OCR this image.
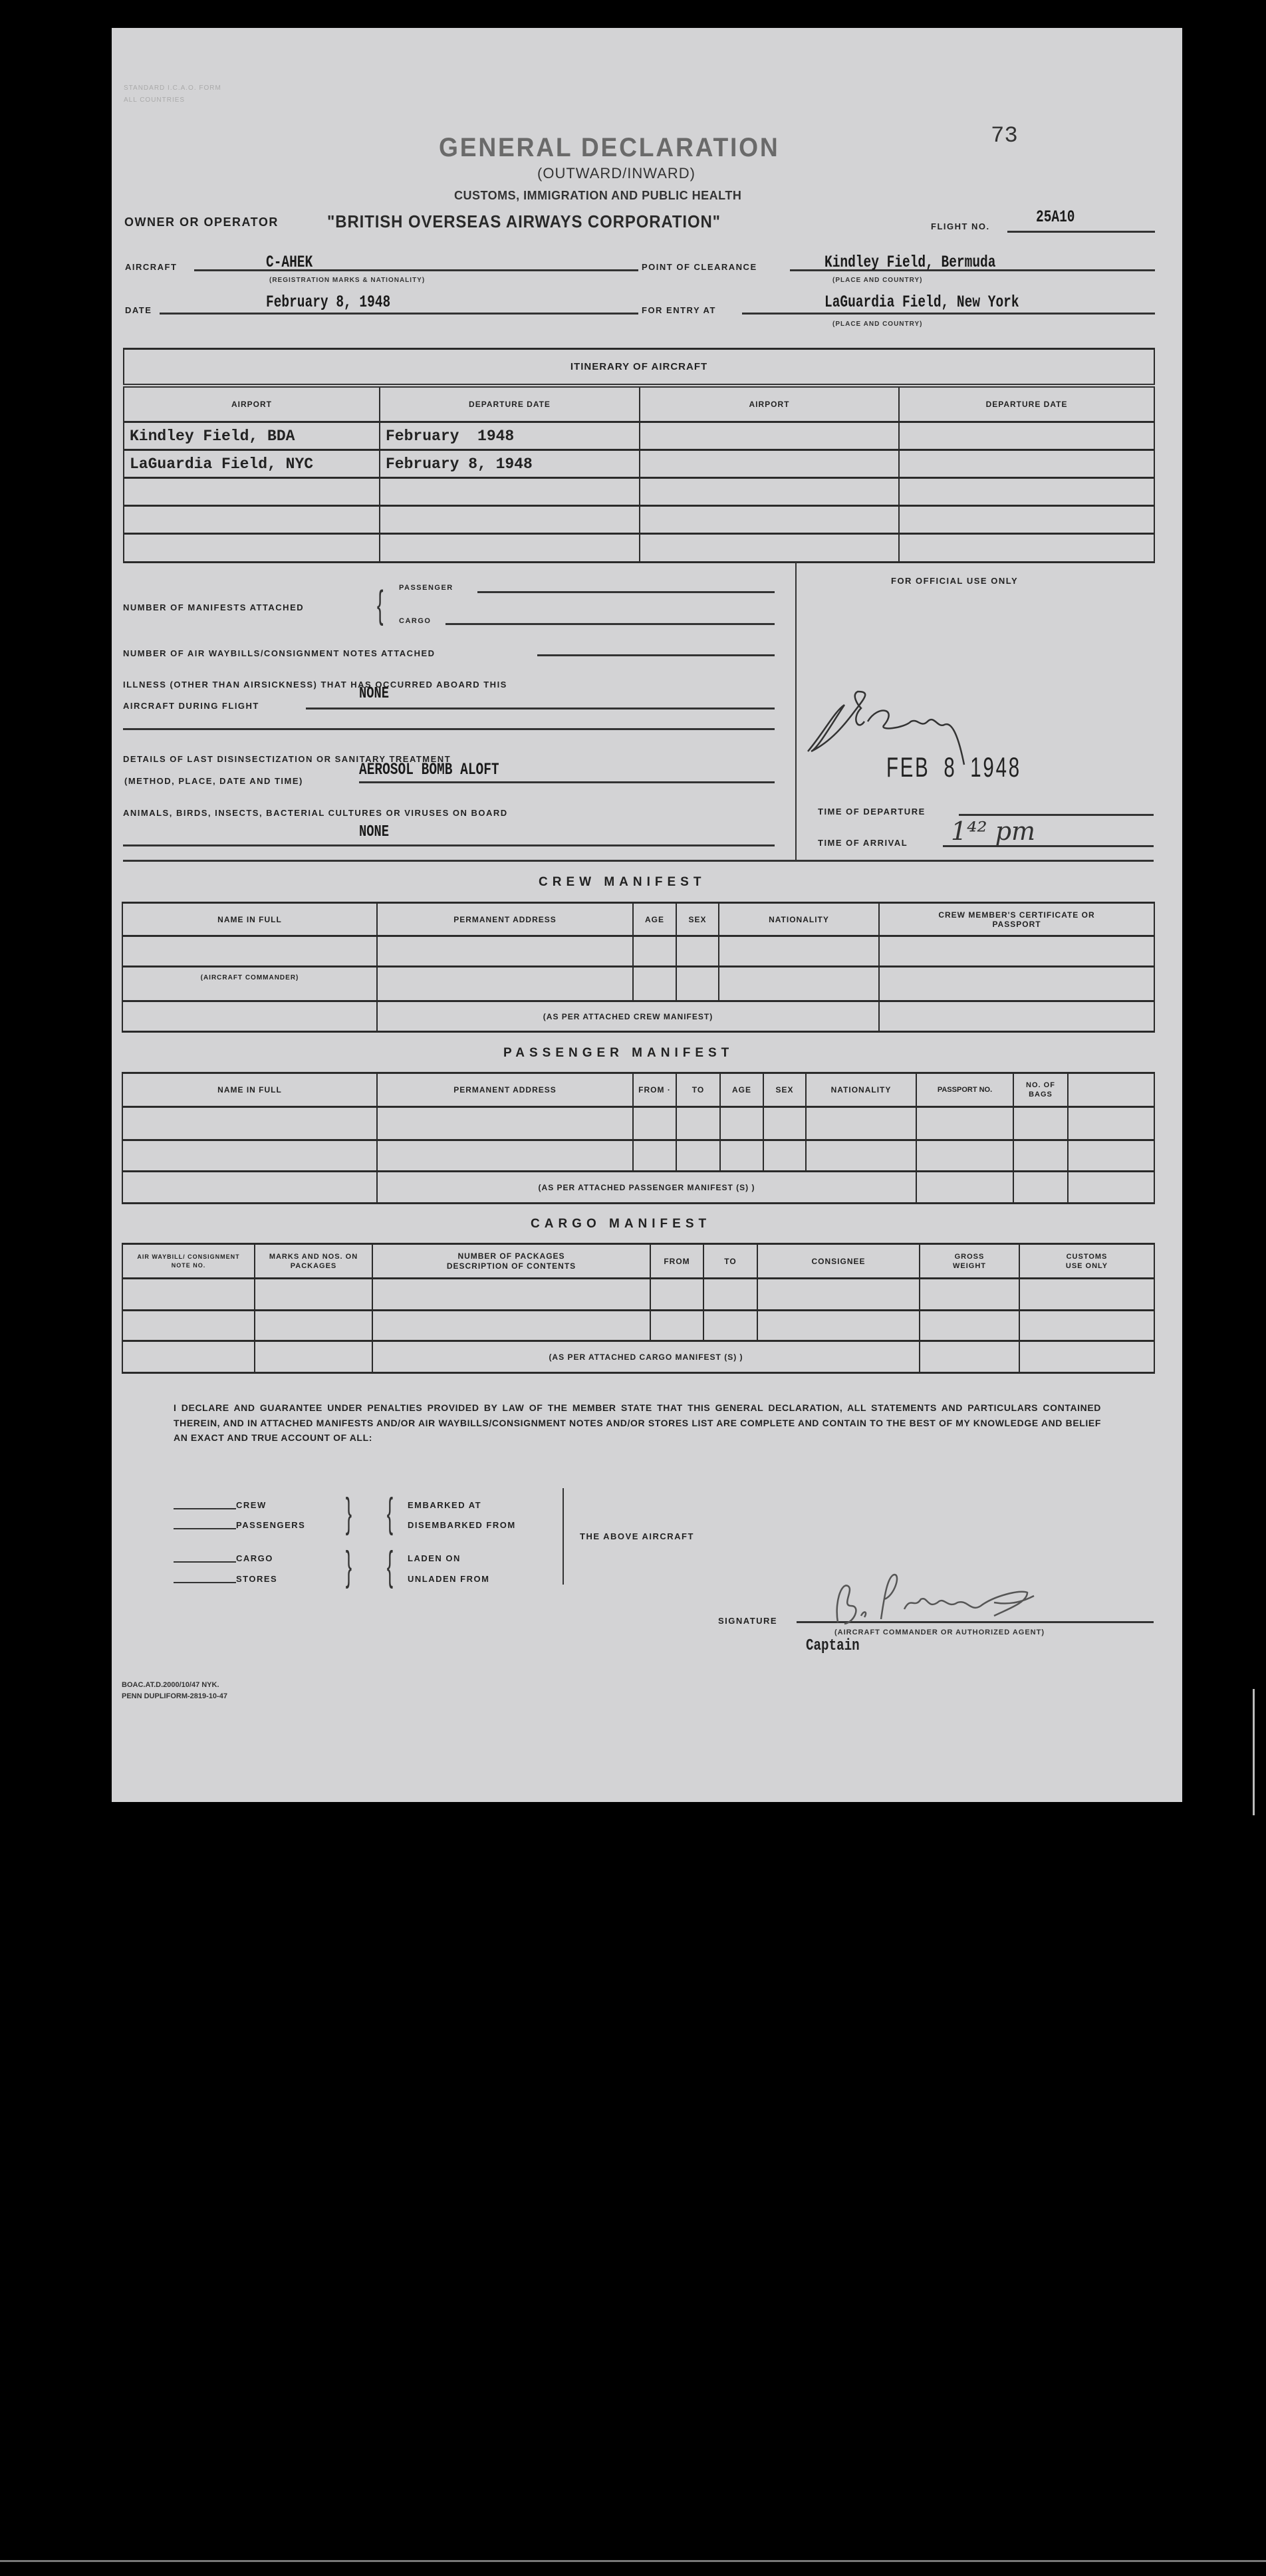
STANDARD I.C.A.O. FORM
ALL COUNTRIES
GENERAL DECLARATION	73
(OUTWARD/INWARD)
CUSTOMS, IMMIGRATION AND PUBLIC HEALTH
OWNER OR OPERATOR	"BRITISH OVERSEAS AIRWAYS CORPORATION"	FLIGHT NO.	25A10
AIRCRAFT	C-AHEK
(REGISTRATION MARKS & NATIONALITY)
POINT OF CLEARANCE	Kindley Field, Bermuda
(PLACE AND COUNTRY)
DATE	February 8, 1948	FOR ENTRY AT	LaGuardia Field, New York
(PLACE AND COUNTRY)
ITINERARY OF AIRCRAFT			
AIRPORT	DEPARTURE DATE	AIRPORT	DEPARTURE DATE
Kindley Field, BDA	February  1948		
LaGuardia Field, NYC	February 8, 1948		

NUMBER OF MANIFESTS ATTACHED { PASSENGER
CARGO
NUMBER OF AIR WAYBILLS/CONSIGNMENT NOTES ATTACHED
ILLNESS (OTHER THAN AIRSICKNESS) THAT HAS OCCURRED ABOARD THIS
AIRCRAFT DURING FLIGHT
NONE
DETAILS OF LAST DISINSECTIZATION OR SANITARY TREATMENT
(METHOD, PLACE, DATE AND TIME)
AEROSOL BOMB ALOFT
ANIMALS, BIRDS, INSECTS, BACTERIAL CULTURES OR VIRUSES ON BOARD
NONE
FOR OFFICIAL USE ONLY
FEB 8 1948
TIME OF DEPARTURE
TIME OF ARRIVAL 1⁴² pm
CREW MANIFEST
NAME IN FULL	PERMANENT ADDRESS	AGE	SEX	NATIONALITY	CREW MEMBER'S CERTIFICATE OR PASSPORT

(AIRCRAFT COMMANDER)					
	(AS PER ATTACHED CREW MANIFEST)				
PASSENGER MANIFEST
NAME IN FULL	PERMANENT ADDRESS	FROM ·	TO	AGE	SEX	NATIONALITY	PASSPORT NO.	NO. OF BAGS	

	(AS PER ATTACHED PASSENGER MANIFEST (S) )								
CARGO MANIFEST
AIR WAYBILL/ CONSIGNMENT NOTE NO.	MARKS AND NOS. ON PACKAGES	NUMBER OF PACKAGES DESCRIPTION OF CONTENTS	FROM	TO	CONSIGNEE	GROSS WEIGHT	CUSTOMS USE ONLY

		(AS PER ATTACHED CARGO MANIFEST (S) )					
I DECLARE AND GUARANTEE UNDER PENALTIES PROVIDED BY LAW OF THE MEMBER STATE THAT THIS GENERAL DECLARATION, ALL STATEMENTS AND PARTICULARS CONTAINED THEREIN, AND IN ATTACHED MANIFESTS AND/OR AIR WAYBILLS/CONSIGNMENT NOTES AND/OR STORES LIST ARE COMPLETE AND CONTAIN TO THE BEST OF MY KNOWLEDGE AND BELIEF AN EXACT AND TRUE ACCOUNT OF ALL:
CREW
PASSENGERS
CARGO
STORES
}
}
{
{
EMBARKED AT
DISEMBARKED FROM
LADEN ON
UNLADEN FROM
THE ABOVE AIRCRAFT
SIGNATURE
(AIRCRAFT COMMANDER OR AUTHORIZED AGENT)
Captain
BOAC.AT.D.2000/10/47 NYK.
PENN DUPLIFORM-2819-10-47
